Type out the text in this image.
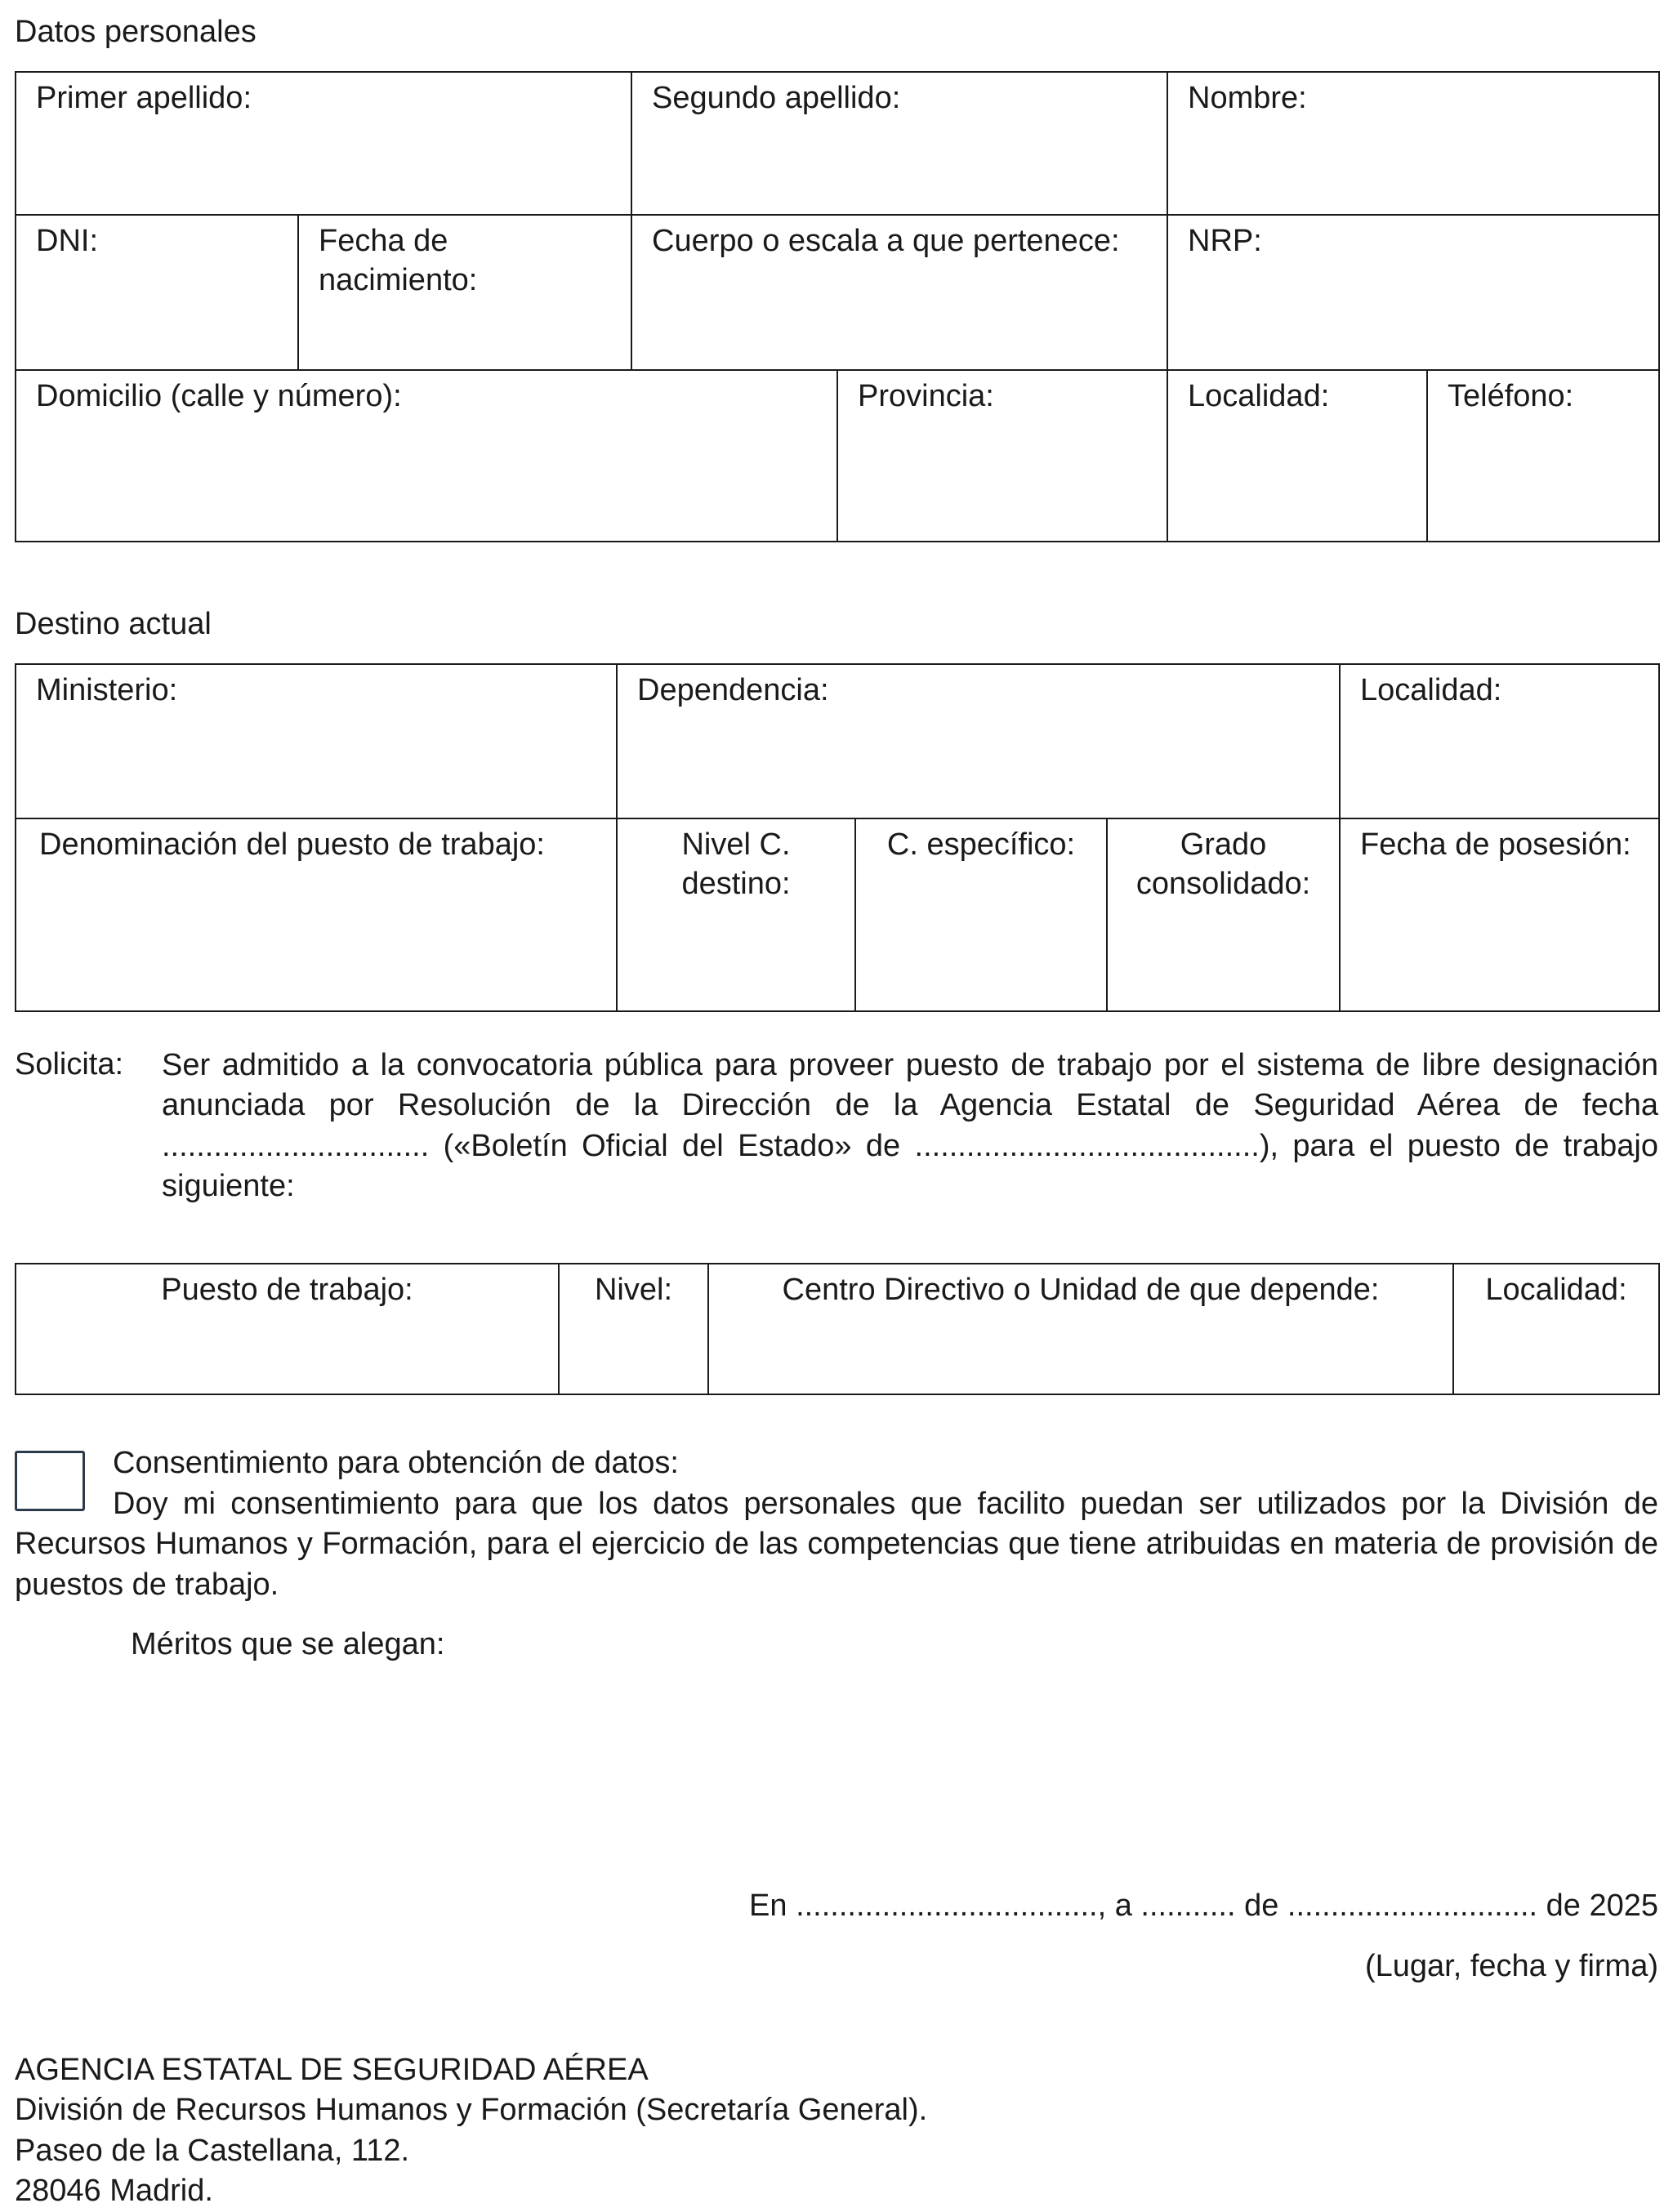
Datos personales
Primer apellido:		Segundo apellido:		Nombre:	
DNI:	Fecha de nacimiento:	Cuerpo o escala a que pertenece:		NRP:	
Domicilio (calle y número):			Provincia:	Localidad:	Teléfono:
Destino actual
Ministerio:	Dependencia:			Localidad:
Denominación del puesto de trabajo:	Nivel C. destino:	C. específico:	Grado consolidado:	Fecha de posesión:
Solicita:	Ser admitido a la convocatoria pública para proveer puesto de trabajo por el sistema de libre designación anunciada por Resolución de la Dirección de la Agencia Estatal de Seguridad Aérea de fecha ............................... («Boletín Oficial del Estado» de ........................................), para el puesto de trabajo siguiente:
Puesto de trabajo:	Nivel:	Centro Directivo o Unidad de que depende:	Localidad:
Consentimiento para obtención de datos:
Doy mi consentimiento para que los datos personales que facilito puedan ser utilizados por la División de Recursos Humanos y Formación, para el ejercicio de las competencias que tiene atribuidas en materia de provisión de puestos de trabajo.
Méritos que se alegan:
En ..................................., a ........... de ............................. de 2025
(Lugar, fecha y firma)
AGENCIA ESTATAL DE SEGURIDAD AÉREA
División de Recursos Humanos y Formación (Secretaría General).
Paseo de la Castellana, 112.
28046 Madrid.
